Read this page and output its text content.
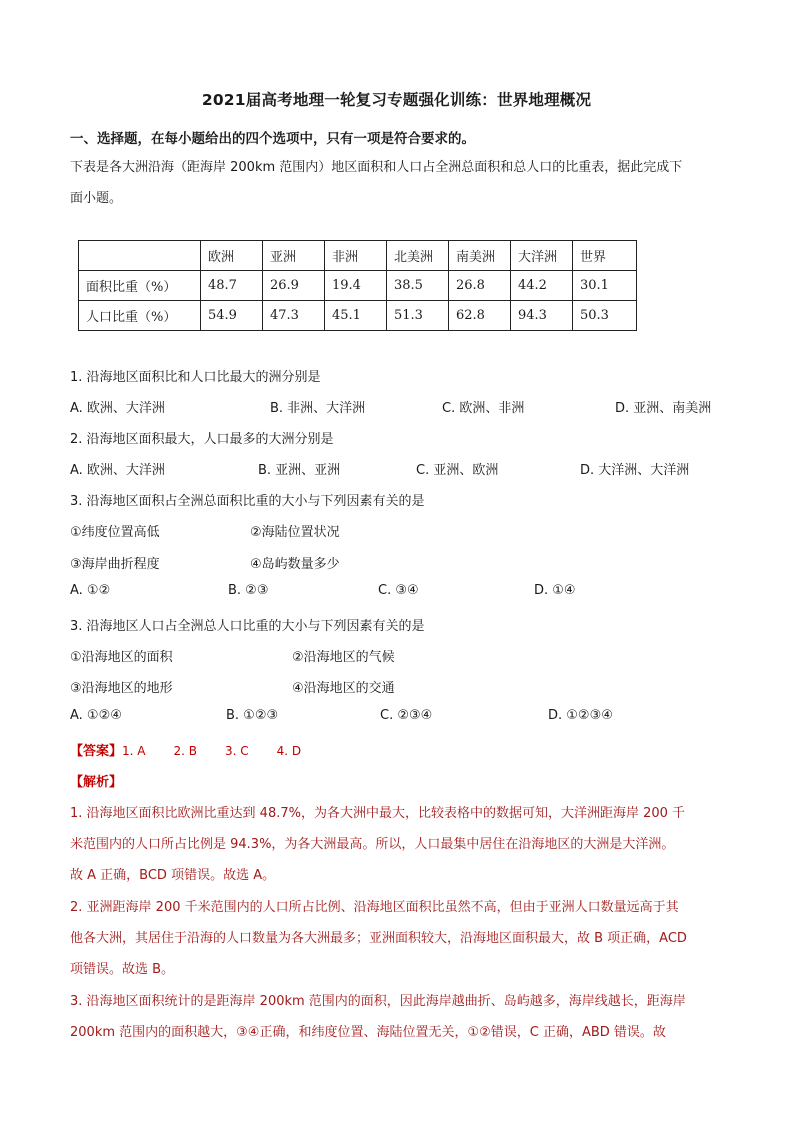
2021届高考地理一轮复习专题强化训练：世界地理概况
一、选择题，在每小题给出的四个选项中，只有一项是符合要求的。
下表是各大洲沿海（距海岸 200km 范围内）地区面积和人口占全洲总面积和总人口的比重表，据此完成下
面小题。
	欧洲	亚洲	非洲	北美洲	南美洲	大洋洲	世界
面积比重（%）	48.7	26.9	19.4	38.5	26.8	44.2	30.1
人口比重（%）	54.9	47.3	45.1	51.3	62.8	94.3	50.3
1. 沿海地区面积比和人口比最大的洲分别是
A. 欧洲、大洋洲	B. 非洲、大洋洲	C. 欧洲、非洲	D. 亚洲、南美洲
2. 沿海地区面积最大，人口最多的大洲分别是
A. 欧洲、大洋洲	B. 亚洲、亚洲	C. 亚洲、欧洲	D. 大洋洲、大洋洲
3. 沿海地区面积占全洲总面积比重的大小与下列因素有关的是
①纬度位置高低	②海陆位置状况
③海岸曲折程度	④岛屿数量多少
A. ①②	B. ②③	C. ③④	D. ①④
3. 沿海地区人口占全洲总人口比重的大小与下列因素有关的是
①沿海地区的面积	②沿海地区的气候
③沿海地区的地形	④沿海地区的交通
A. ①②④	B. ①②③	C. ②③④	D. ①②③④
【答案】1. A 2. B 3. C 4. D
【解析】
1. 沿海地区面积比欧洲比重达到 48.7%，为各大洲中最大，比较表格中的数据可知，大洋洲距海岸 200 千
米范围内的人口所占比例是 94.3%，为各大洲最高。所以，人口最集中居住在沿海地区的大洲是大洋洲。
故 A 正确，BCD 项错误。故选 A。
2. 亚洲距海岸 200 千米范围内的人口所占比例、沿海地区面积比虽然不高，但由于亚洲人口数量远高于其
他各大洲，其居住于沿海的人口数量为各大洲最多；亚洲面积较大，沿海地区面积最大，故 B 项正确，ACD
项错误。故选 B。
3. 沿海地区面积统计的是距海岸 200km 范围内的面积，因此海岸越曲折、岛屿越多，海岸线越长，距海岸
200km 范围内的面积越大，③④正确，和纬度位置、海陆位置无关，①②错误，C 正确，ABD 错误。故
